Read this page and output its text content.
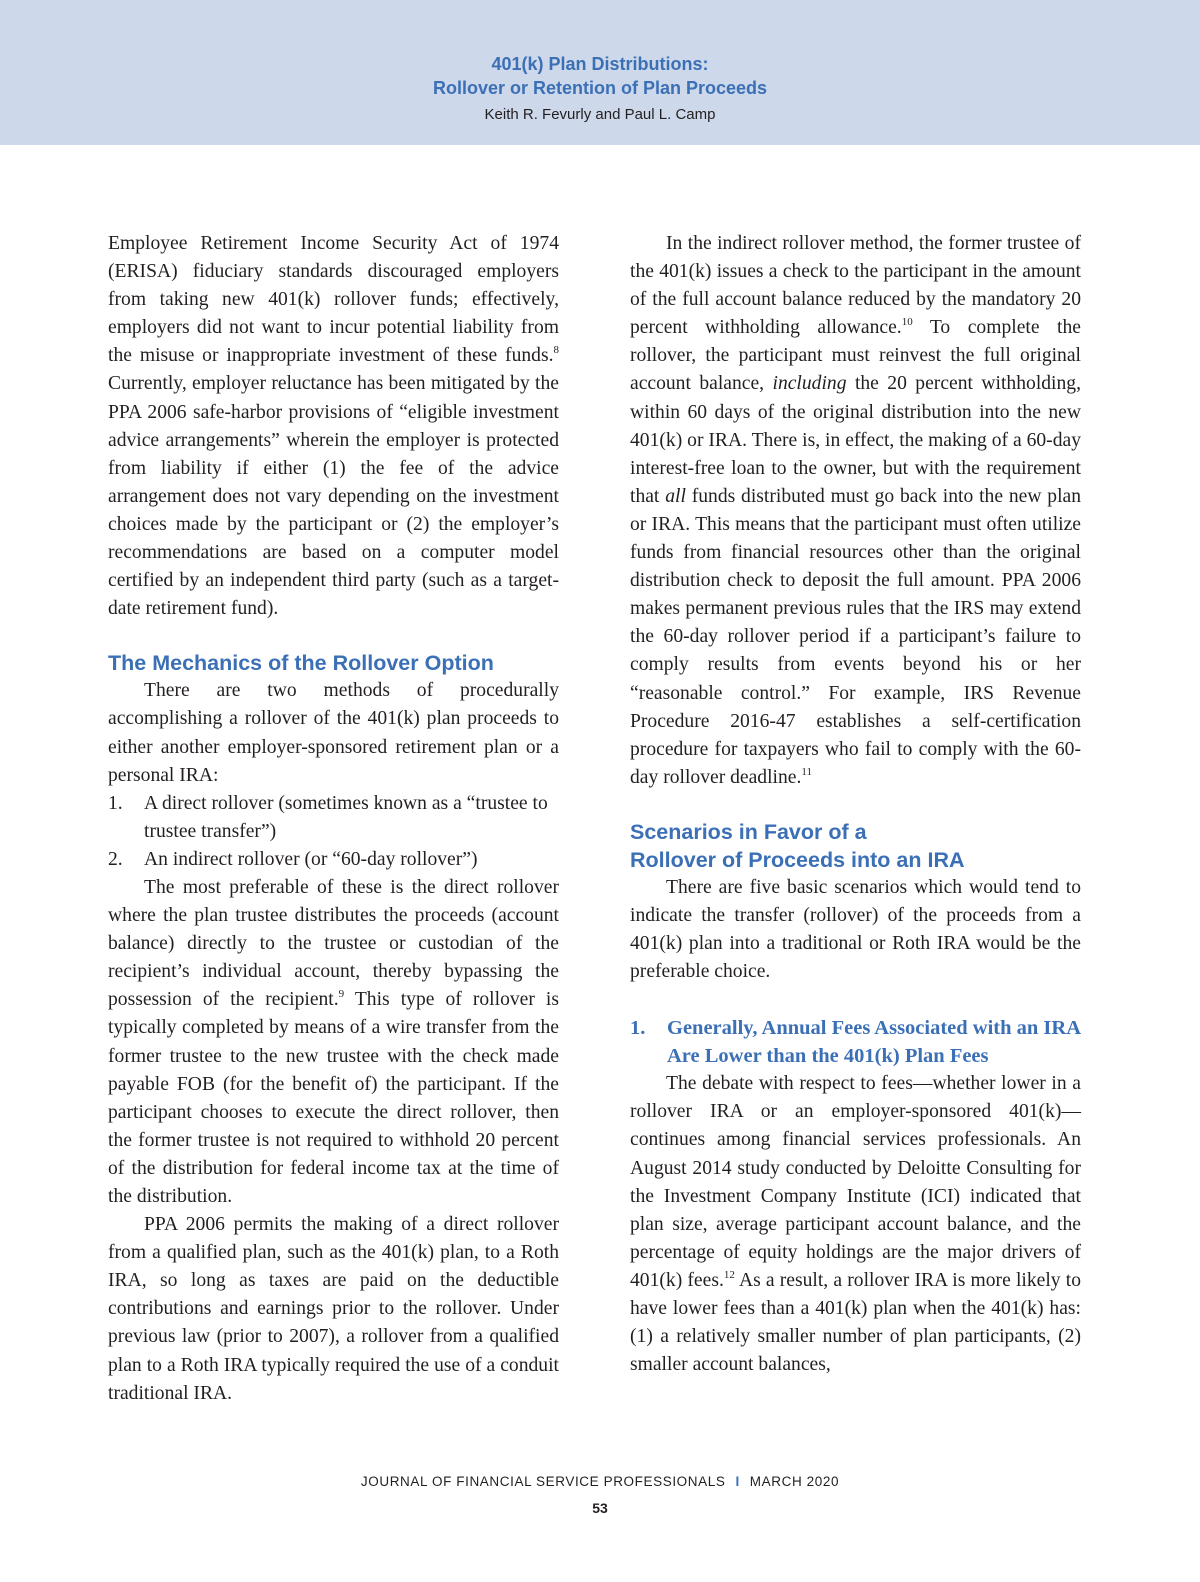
401(k) Plan Distributions:
Rollover or Retention of Plan Proceeds
Keith R. Fevurly and Paul L. Camp

Employee Retirement Income Security Act of 1974 (ERISA) fiduciary standards discouraged employers from taking new 401(k) rollover funds; effectively, employers did not want to incur potential liability from the misuse or inappropriate investment of these funds.$^8$ Currently, employer reluctance has been mitigated by the PPA 2006 safe-harbor provisions of “eligible investment advice arrangements” wherein the employer is protected from liability if either (1) the fee of the advice arrangement does not vary depending on the investment choices made by the participant or (2) the employer’s recommendations are based on a computer model certified by an independent third party (such as a target-date retirement fund).

The Mechanics of the Rollover Option

There are two methods of procedurally accomplishing a rollover of the 401(k) plan proceeds to either another employer-sponsored retirement plan or a personal IRA:

1. A direct rollover (sometimes known as a “trustee to trustee transfer”)
2. An indirect rollover (or “60-day rollover”)

The most preferable of these is the direct rollover where the plan trustee distributes the proceeds (account balance) directly to the trustee or custodian of the recipient’s individual account, thereby bypassing the possession of the recipient.$^9$ This type of rollover is typically completed by means of a wire transfer from the former trustee to the new trustee with the check made payable FOB (for the benefit of) the participant. If the participant chooses to execute the direct rollover, then the former trustee is not required to withhold 20 percent of the distribution for federal income tax at the time of the distribution.

PPA 2006 permits the making of a direct rollover from a qualified plan, such as the 401(k) plan, to a Roth IRA, so long as taxes are paid on the deductible contributions and earnings prior to the rollover. Under previous law (prior to 2007), a rollover from a qualified plan to a Roth IRA typically required the use of a conduit traditional IRA.

In the indirect rollover method, the former trustee of the 401(k) issues a check to the participant in the amount of the full account balance reduced by the mandatory 20 percent withholding allowance.$^{10}$ To complete the rollover, the participant must reinvest the full original account balance, including the 20 percent withholding, within 60 days of the original distribution into the new 401(k) or IRA. There is, in effect, the making of a 60-day interest-free loan to the owner, but with the requirement that all funds distributed must go back into the new plan or IRA. This means that the participant must often utilize funds from financial resources other than the original distribution check to deposit the full amount. PPA 2006 makes permanent previous rules that the IRS may extend the 60-day rollover period if a participant’s failure to comply results from events beyond his or her “reasonable control.” For example, IRS Revenue Procedure 2016-47 establishes a self-certification procedure for taxpayers who fail to comply with the 60-day rollover deadline.$^{11}$

Scenarios in Favor of a
Rollover of Proceeds into an IRA

There are five basic scenarios which would tend to indicate the transfer (rollover) of the proceeds from a 401(k) plan into a traditional or Roth IRA would be the preferable choice.

1. Generally, Annual Fees Associated with an IRA Are Lower than the 401(k) Plan Fees

The debate with respect to fees—whether lower in a rollover IRA or an employer-sponsored 401(k)—continues among financial services professionals. An August 2014 study conducted by Deloitte Consulting for the Investment Company Institute (ICI) indicated that plan size, average participant account balance, and the percentage of equity holdings are the major drivers of 401(k) fees.$^{12}$ As a result, a rollover IRA is more likely to have lower fees than a 401(k) plan when the 401(k) has: (1) a relatively smaller number of plan participants, (2) smaller account balances,

JOURNAL OF FINANCIAL SERVICE PROFESSIONALS I MARCH 2020
53
